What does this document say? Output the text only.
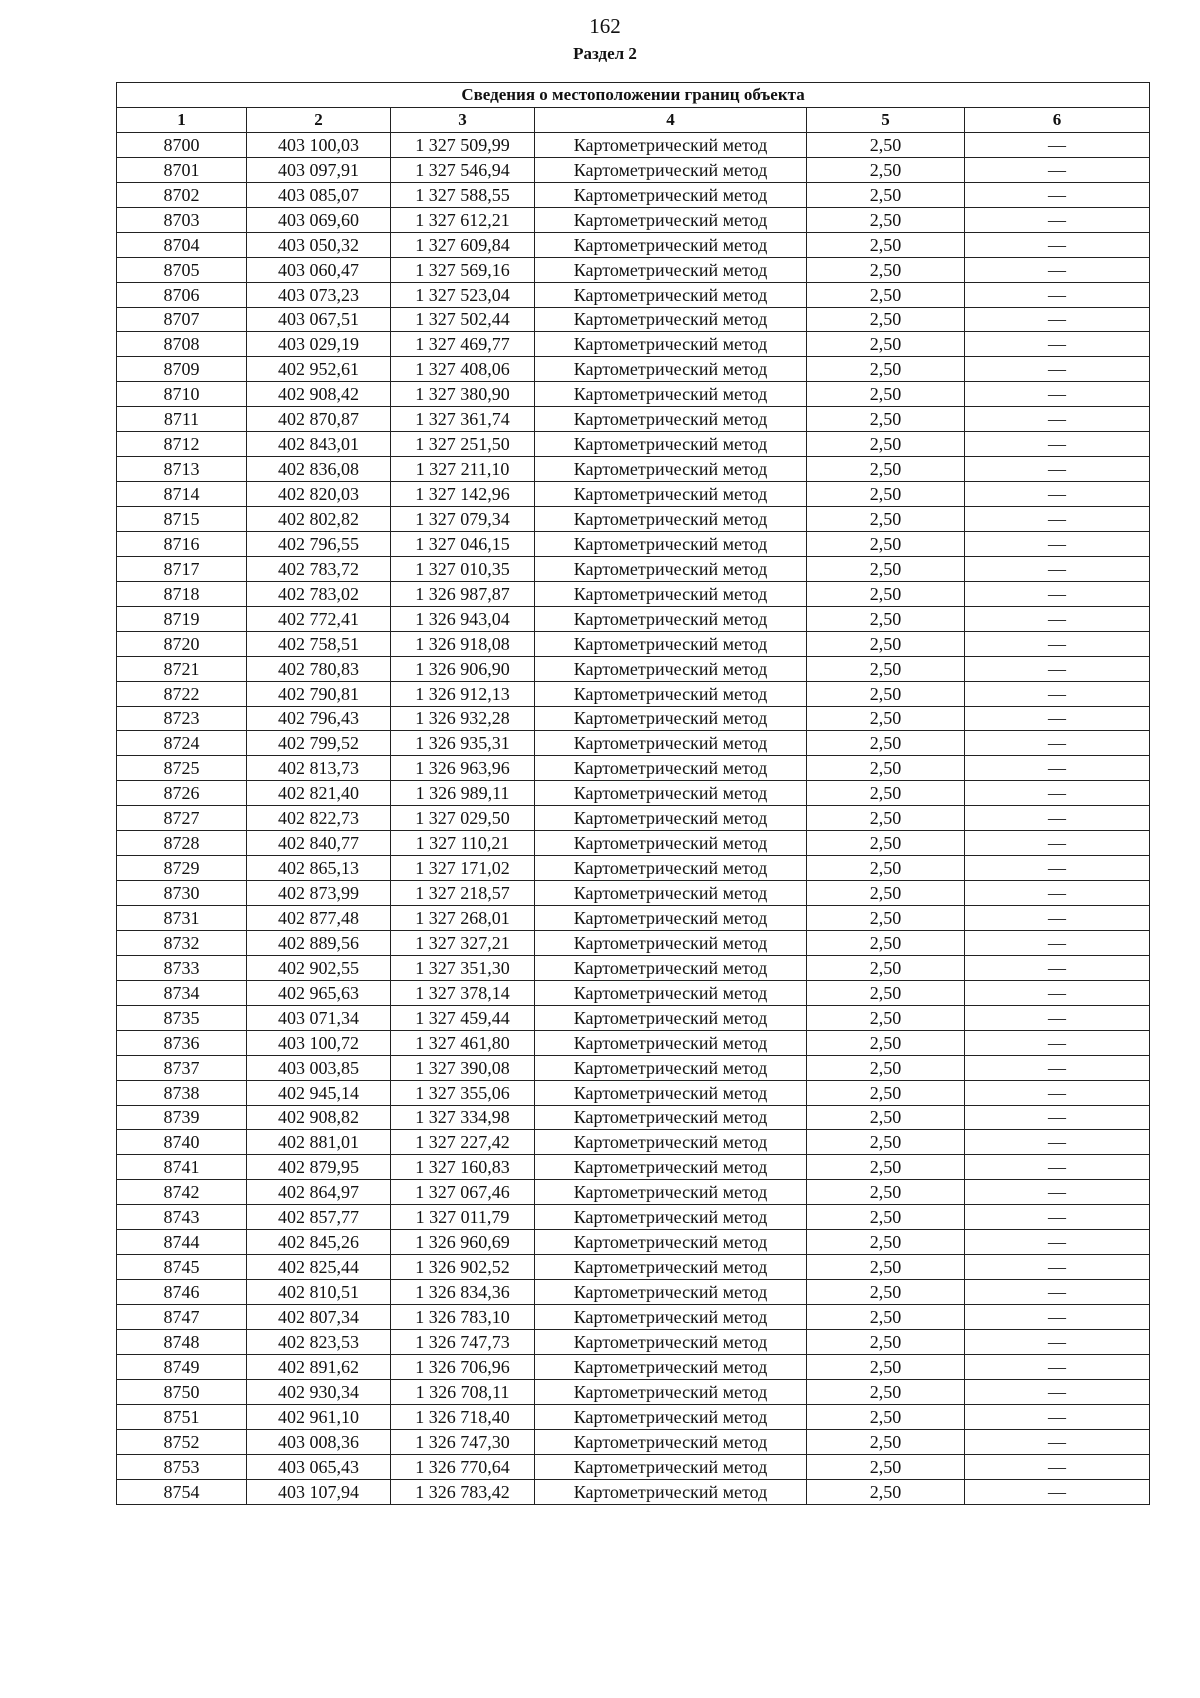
162
Раздел 2
Сведения о местоположении границ объекта					
1	2	3	4	5	6
8700	403 100,03	1 327 509,99	Картометрический метод	2,50	—
8701	403 097,91	1 327 546,94	Картометрический метод	2,50	—
8702	403 085,07	1 327 588,55	Картометрический метод	2,50	—
8703	403 069,60	1 327 612,21	Картометрический метод	2,50	—
8704	403 050,32	1 327 609,84	Картометрический метод	2,50	—
8705	403 060,47	1 327 569,16	Картометрический метод	2,50	—
8706	403 073,23	1 327 523,04	Картометрический метод	2,50	—
8707	403 067,51	1 327 502,44	Картометрический метод	2,50	—
8708	403 029,19	1 327 469,77	Картометрический метод	2,50	—
8709	402 952,61	1 327 408,06	Картометрический метод	2,50	—
8710	402 908,42	1 327 380,90	Картометрический метод	2,50	—
8711	402 870,87	1 327 361,74	Картометрический метод	2,50	—
8712	402 843,01	1 327 251,50	Картометрический метод	2,50	—
8713	402 836,08	1 327 211,10	Картометрический метод	2,50	—
8714	402 820,03	1 327 142,96	Картометрический метод	2,50	—
8715	402 802,82	1 327 079,34	Картометрический метод	2,50	—
8716	402 796,55	1 327 046,15	Картометрический метод	2,50	—
8717	402 783,72	1 327 010,35	Картометрический метод	2,50	—
8718	402 783,02	1 326 987,87	Картометрический метод	2,50	—
8719	402 772,41	1 326 943,04	Картометрический метод	2,50	—
8720	402 758,51	1 326 918,08	Картометрический метод	2,50	—
8721	402 780,83	1 326 906,90	Картометрический метод	2,50	—
8722	402 790,81	1 326 912,13	Картометрический метод	2,50	—
8723	402 796,43	1 326 932,28	Картометрический метод	2,50	—
8724	402 799,52	1 326 935,31	Картометрический метод	2,50	—
8725	402 813,73	1 326 963,96	Картометрический метод	2,50	—
8726	402 821,40	1 326 989,11	Картометрический метод	2,50	—
8727	402 822,73	1 327 029,50	Картометрический метод	2,50	—
8728	402 840,77	1 327 110,21	Картометрический метод	2,50	—
8729	402 865,13	1 327 171,02	Картометрический метод	2,50	—
8730	402 873,99	1 327 218,57	Картометрический метод	2,50	—
8731	402 877,48	1 327 268,01	Картометрический метод	2,50	—
8732	402 889,56	1 327 327,21	Картометрический метод	2,50	—
8733	402 902,55	1 327 351,30	Картометрический метод	2,50	—
8734	402 965,63	1 327 378,14	Картометрический метод	2,50	—
8735	403 071,34	1 327 459,44	Картометрический метод	2,50	—
8736	403 100,72	1 327 461,80	Картометрический метод	2,50	—
8737	403 003,85	1 327 390,08	Картометрический метод	2,50	—
8738	402 945,14	1 327 355,06	Картометрический метод	2,50	—
8739	402 908,82	1 327 334,98	Картометрический метод	2,50	—
8740	402 881,01	1 327 227,42	Картометрический метод	2,50	—
8741	402 879,95	1 327 160,83	Картометрический метод	2,50	—
8742	402 864,97	1 327 067,46	Картометрический метод	2,50	—
8743	402 857,77	1 327 011,79	Картометрический метод	2,50	—
8744	402 845,26	1 326 960,69	Картометрический метод	2,50	—
8745	402 825,44	1 326 902,52	Картометрический метод	2,50	—
8746	402 810,51	1 326 834,36	Картометрический метод	2,50	—
8747	402 807,34	1 326 783,10	Картометрический метод	2,50	—
8748	402 823,53	1 326 747,73	Картометрический метод	2,50	—
8749	402 891,62	1 326 706,96	Картометрический метод	2,50	—
8750	402 930,34	1 326 708,11	Картометрический метод	2,50	—
8751	402 961,10	1 326 718,40	Картометрический метод	2,50	—
8752	403 008,36	1 326 747,30	Картометрический метод	2,50	—
8753	403 065,43	1 326 770,64	Картометрический метод	2,50	—
8754	403 107,94	1 326 783,42	Картометрический метод	2,50	—
